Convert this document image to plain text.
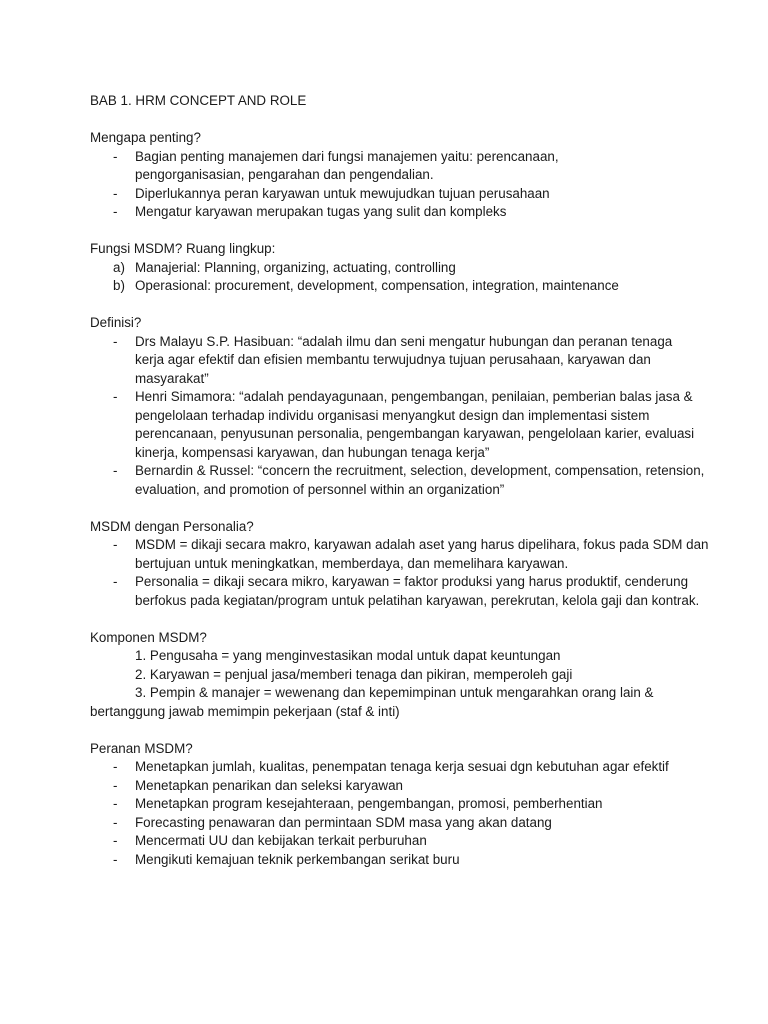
BAB 1. HRM CONCEPT AND ROLE

Mengapa penting?

- Bagian penting manajemen dari fungsi manajemen yaitu: perencanaan, pengorganisasian, pengarahan dan pengendalian.
- Diperlukannya peran karyawan untuk mewujudkan tujuan perusahaan
- Mengatur karyawan merupakan tugas yang sulit dan kompleks

Fungsi MSDM? Ruang lingkup:

a) Manajerial: Planning, organizing, actuating, controlling
b) Operasional: procurement, development, compensation, integration, maintenance

Definisi?

- Drs Malayu S.P. Hasibuan: “adalah ilmu dan seni mengatur hubungan dan peranan tenaga kerja agar efektif dan efisien membantu terwujudnya tujuan perusahaan, karyawan dan masyarakat”
- Henri Simamora: “adalah pendayagunaan, pengembangan, penilaian, pemberian balas jasa & pengelolaan terhadap individu organisasi menyangkut design dan implementasi sistem perencanaan, penyusunan personalia, pengembangan karyawan, pengelolaan karier, evaluasi kinerja, kompensasi karyawan, dan hubungan tenaga kerja”
- Bernardin & Russel: “concern the recruitment, selection, development, compensation, retension, evaluation, and promotion of personnel within an organization”

MSDM dengan Personalia?

- MSDM = dikaji secara makro, karyawan adalah aset yang harus dipelihara, fokus pada SDM dan bertujuan untuk meningkatkan, memberdaya, dan memelihara karyawan.
- Personalia = dikaji secara mikro, karyawan = faktor produksi yang harus produktif, cenderung berfokus pada kegiatan/program untuk pelatihan karyawan, perekrutan, kelola gaji dan kontrak.

Komponen MSDM?

1. Pengusaha = yang menginvestasikan modal untuk dapat keuntungan
2. Karyawan = penjual jasa/memberi tenaga dan pikiran, memperoleh gaji
3. Pempin & manajer = wewenang dan kepemimpinan untuk mengarahkan orang lain &

bertanggung jawab memimpin pekerjaan (staf & inti)

Peranan MSDM?

- Menetapkan jumlah, kualitas, penempatan tenaga kerja sesuai dgn kebutuhan agar efektif
- Menetapkan penarikan dan seleksi karyawan
- Menetapkan program kesejahteraan, pengembangan, promosi, pemberhentian
- Forecasting penawaran dan permintaan SDM masa yang akan datang
- Mencermati UU dan kebijakan terkait perburuhan
- Mengikuti kemajuan teknik perkembangan serikat buru
